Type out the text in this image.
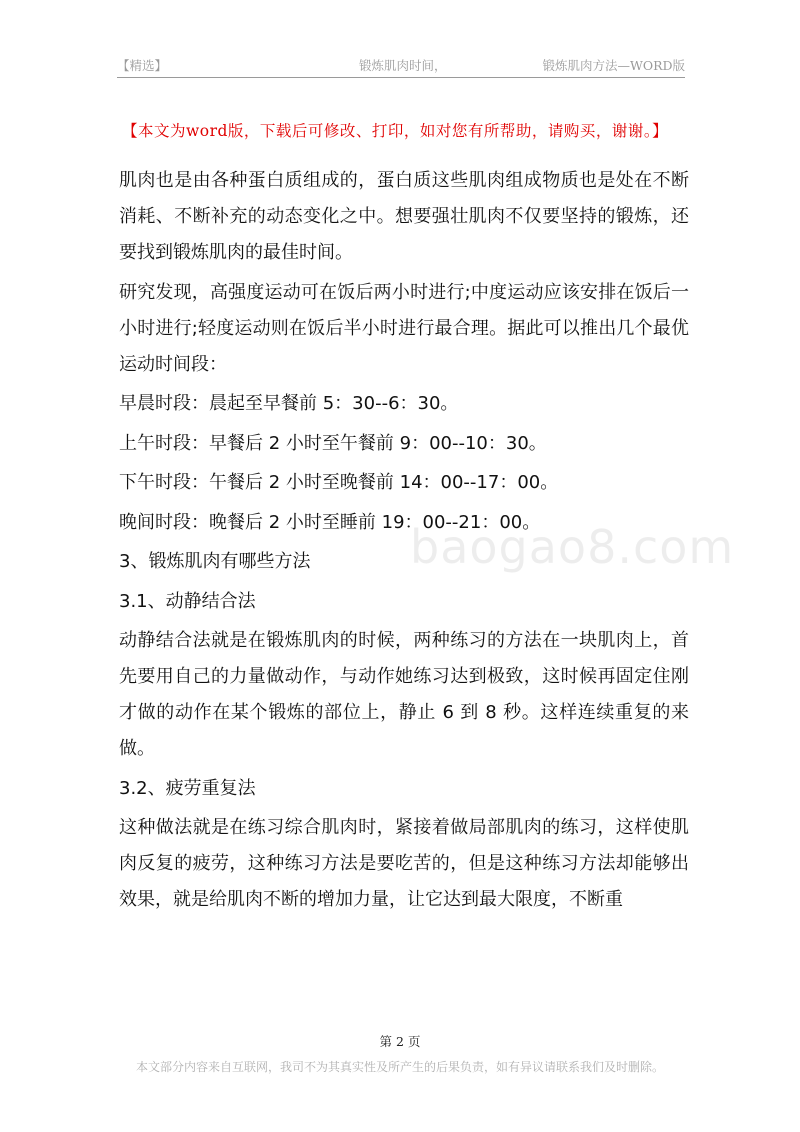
【精选】	锻炼肌肉时间，	锻炼肌肉方法—WORD版
【本文为word版，下载后可修改、打印，如对您有所帮助，请购买，谢谢。】
baogao8.com

肌肉也是由各种蛋白质组成的，蛋白质这些肌肉组成物质也是处在不断消耗、不断补充的动态变化之中。想要强壮肌肉不仅要坚持的锻炼，还要找到锻炼肌肉的最佳时间。

研究发现，高强度运动可在饭后两小时进行;中度运动应该安排在饭后一小时进行;轻度运动则在饭后半小时进行最合理。据此可以推出几个最优运动时间段：

早晨时段：晨起至早餐前 5：30--6：30。

上午时段：早餐后 2 小时至午餐前 9：00--10：30。

下午时段：午餐后 2 小时至晚餐前 14：00--17：00。

晚间时段：晚餐后 2 小时至睡前 19：00--21：00。

3、锻炼肌肉有哪些方法

3.1、动静结合法

动静结合法就是在锻炼肌肉的时候，两种练习的方法在一块肌肉上，首先要用自己的力量做动作，与动作她练习达到极致，这时候再固定住刚才做的动作在某个锻炼的部位上，静止 6 到 8 秒。这样连续重复的来做。

3.2、疲劳重复法

这种做法就是在练习综合肌肉时，紧接着做局部肌肉的练习，这样使肌肉反复的疲劳，这种练习方法是要吃苦的，但是这种练习方法却能够出效果，就是给肌肉不断的增加力量，让它达到最大限度，不断重

第 2 页
本文部分内容来自互联网，我司不为其真实性及所产生的后果负责，如有异议请联系我们及时删除。
